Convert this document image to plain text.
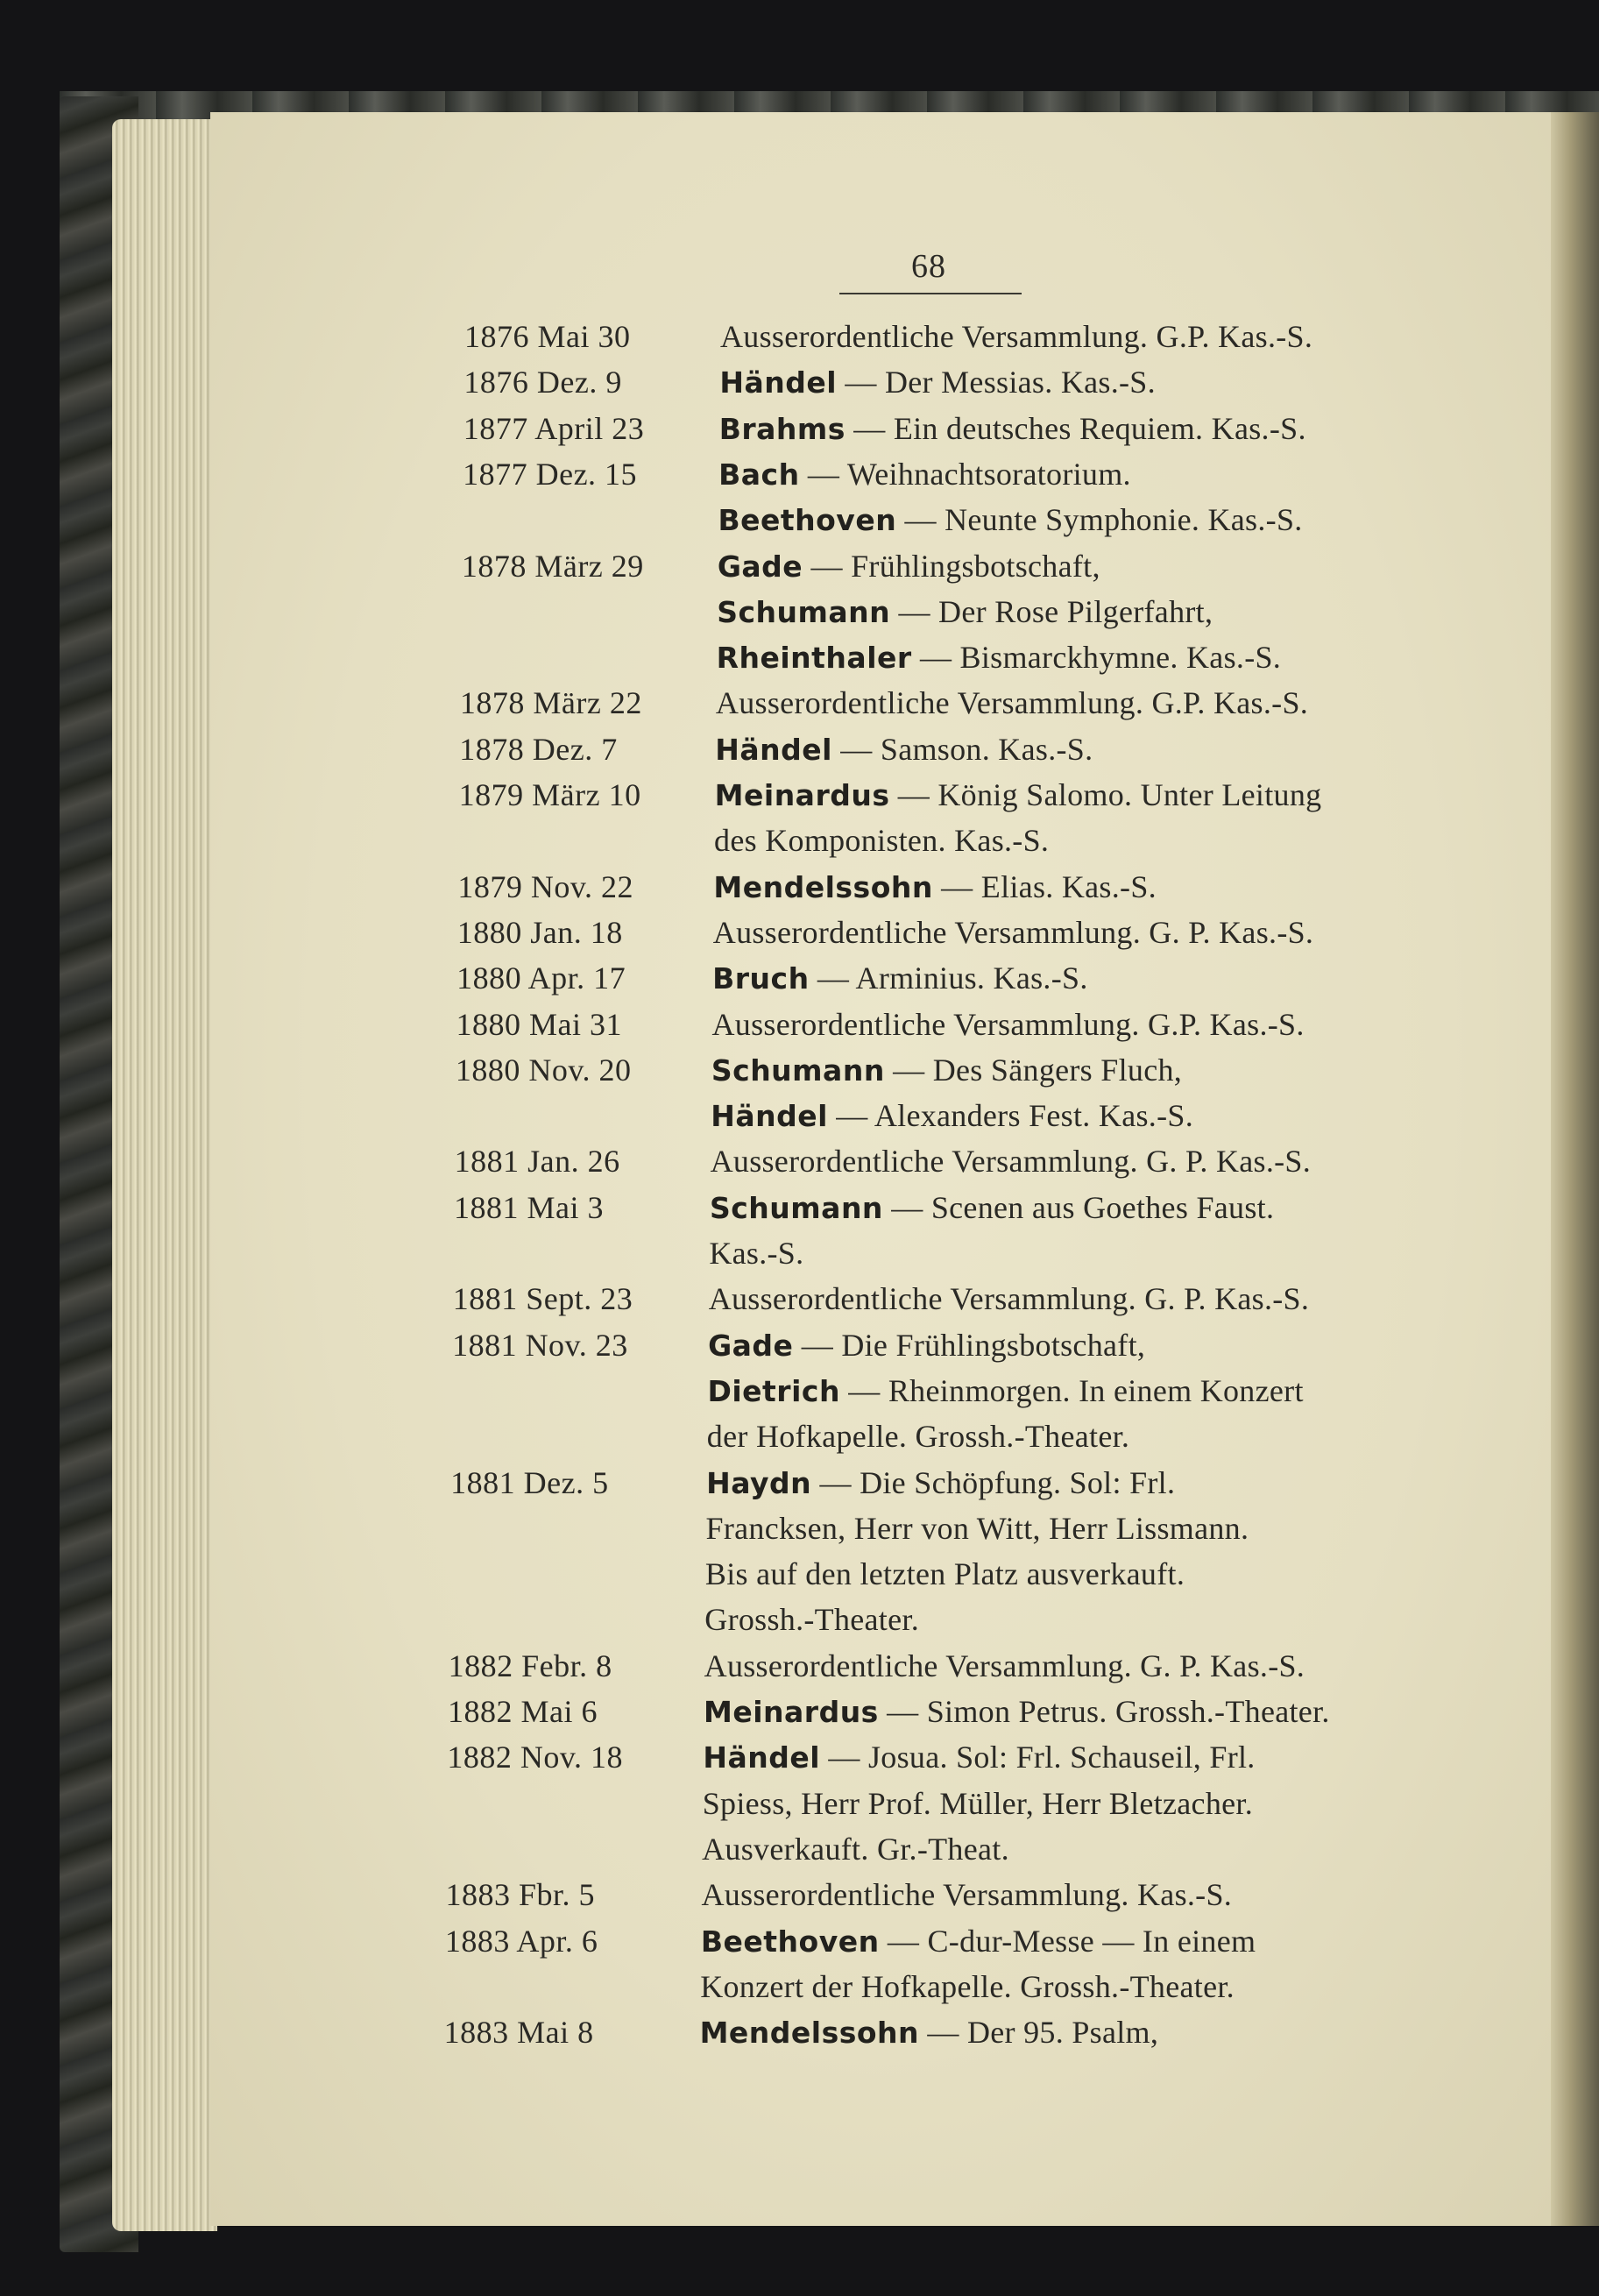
68
1876 Mai 30	Ausserordentliche Versammlung. G.P. Kas.-S.
1876 Dez. 9	Händel — Der Messias. Kas.-S.
1877 April 23	Brahms — Ein deutsches Requiem. Kas.-S.
1877 Dez. 15	Bach — Weihnachtsoratorium.
Beethoven — Neunte Symphonie. Kas.-S.
1878 März 29	Gade — Frühlingsbotschaft,
Schumann — Der Rose Pilgerfahrt,
Rheinthaler — Bismarckhymne. Kas.-S.
1878 März 22 Ausserordentliche Versammlung. G.P. Kas.-S.
1878 Dez. 7	Händel — Samson. Kas.-S.
1879 März 10	Meinardus — König Salomo. Unter Leitung
des Komponisten. Kas.-S.
1879 Nov. 22	Mendelssohn — Elias. Kas.-S.
1880 Jan. 18	Ausserordentliche Versammlung. G. P. Kas.-S.
1880 Apr. 17	Bruch — Arminius. Kas.-S.
1880 Mai 31	Ausserordentliche Versammlung. G.P. Kas.-S.
1880 Nov. 20	Schumann — Des Sängers Fluch,
Händel — Alexanders Fest. Kas.-S.
1881 Jan. 26	Ausserordentliche Versammlung. G. P. Kas.-S.
1881 Mai 3	Schumann — Scenen aus Goethes Faust.
Kas.-S.
1881 Sept. 23 Ausserordentliche Versammlung. G. P. Kas.-S.
1881 Nov. 23	Gade — Die Frühlingsbotschaft,
Dietrich — Rheinmorgen. In einem Konzert
der Hofkapelle. Grossh.-Theater.
1881 Dez. 5	Haydn — Die Schöpfung. Sol: Frl.
Francksen, Herr von Witt, Herr Lissmann.
Bis auf den letzten Platz ausverkauft.
Grossh.-Theater.
1882 Febr. 8	Ausserordentliche Versammlung. G. P. Kas.-S.
1882 Mai 6	Meinardus — Simon Petrus. Grossh.-Theater.
1882 Nov. 18	Händel — Josua. Sol: Frl. Schauseil, Frl.
Spiess, Herr Prof. Müller, Herr Bletzacher.
Ausverkauft. Gr.-Theat.
1883 Fbr. 5	Ausserordentliche Versammlung. Kas.-S.
1883 Apr. 6	Beethoven — C-dur-Messe — In einem
Konzert der Hofkapelle. Grossh.-Theater.
1883 Mai 8	Mendelssohn — Der 95. Psalm,
